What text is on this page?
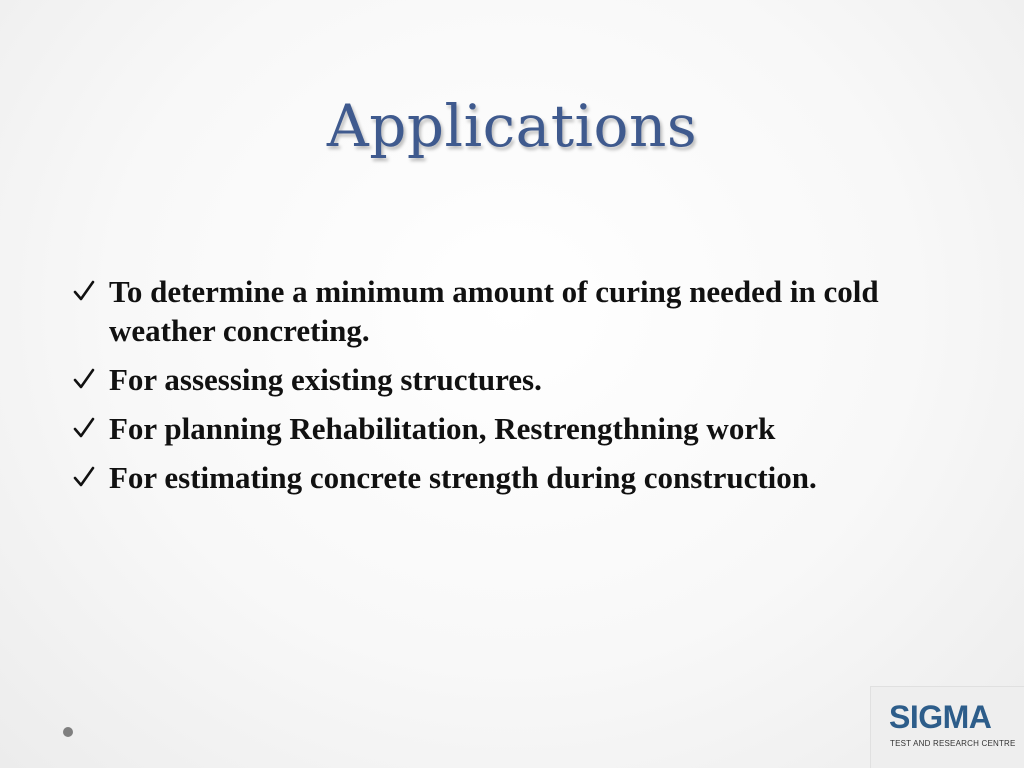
Applications
To determine a minimum amount of curing needed in cold weather concreting.
For assessing existing structures.
For planning Rehabilitation, Restrengthning work
For estimating concrete strength during construction.
SIGMA
TEST AND RESEARCH CENTRE
